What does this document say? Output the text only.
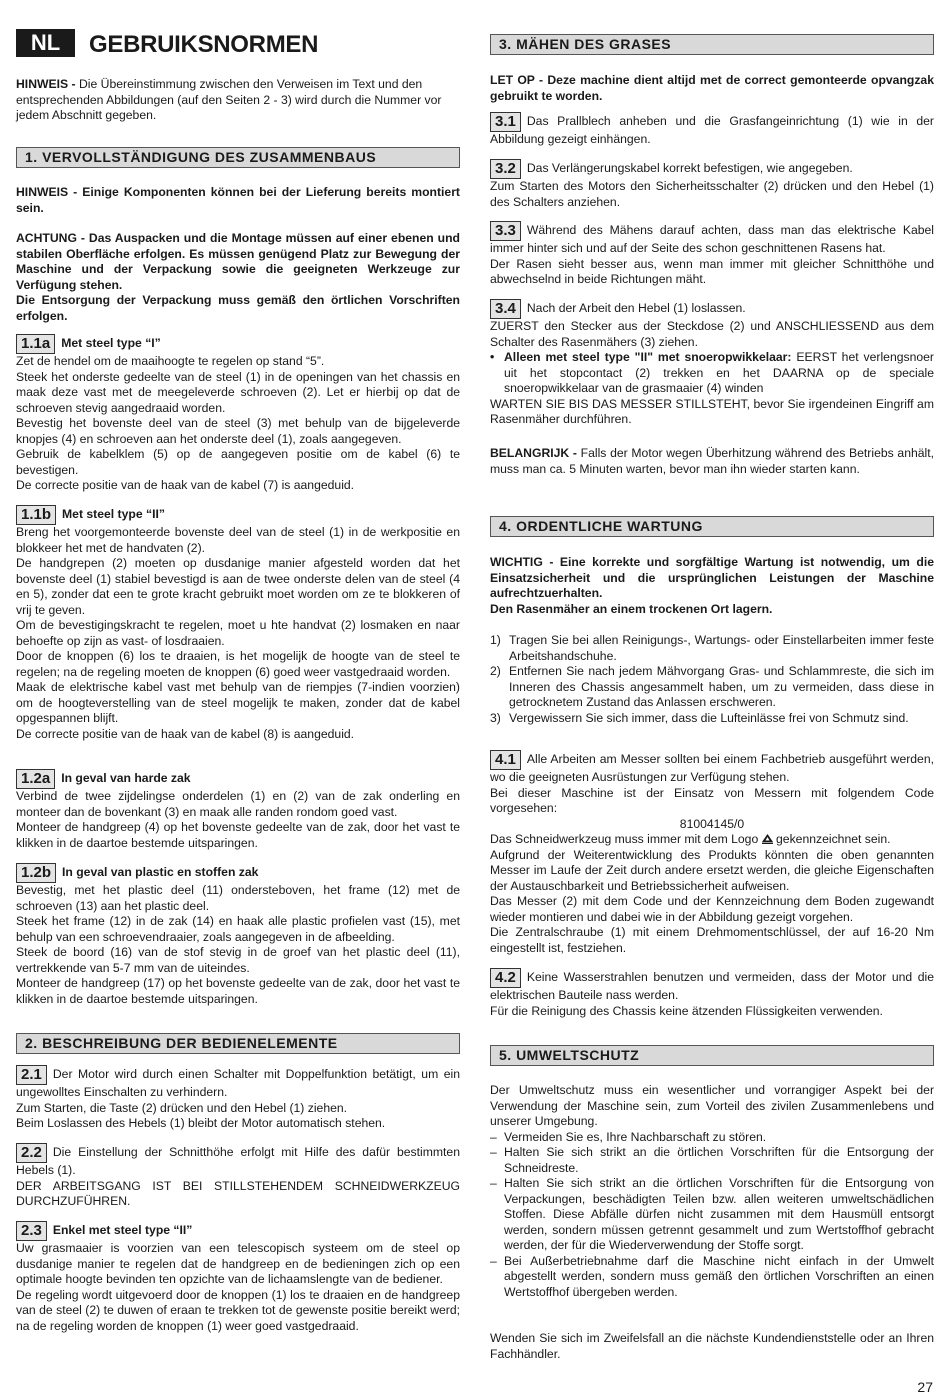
NL	GEBRUIKSNORMEN

HINWEIS - Die Übereinstimmung zwischen den Verweisen im Text und den entsprechenden Abbildungen (auf den Seiten 2 - 3) wird durch die Nummer vor jedem Abschnitt gegeben.

1. VERVOLLSTÄNDIGUNG DES ZUSAMMENBAUS

HINWEIS - Einige Komponenten können bei der Lieferung bereits montiert sein.

ACHTUNG - Das Auspacken und die Montage müssen auf einer ebenen und stabilen Oberfläche erfolgen. Es müssen genügend Platz zur Bewegung der Maschine und der Verpackung sowie die geeigneten Werkzeuge zur Verfügung stehen.

Die Entsorgung der Verpackung muss gemäß den örtlichen Vorschriften erfolgen.

1.1a Met steel type “I”

Zet de hendel om de maaihoogte te regelen op stand “5”.

Steek het onderste gedeelte van de steel (1) in de openingen van het chassis en maak deze vast met de meegeleverde schroeven (2). Let er hierbij op dat de schroeven stevig aangedraaid worden.

Bevestig het bovenste deel van de steel (3) met behulp van de bijgeleverde knopjes (4) en schroeven aan het onderste deel (1), zoals aangegeven.

Gebruik de kabelklem (5) op de aangegeven positie om de kabel (6) te bevestigen.

De correcte positie van de haak van de kabel (7) is aangeduid.

1.1b Met steel type “II”

Breng het voorgemonteerde bovenste deel van de steel (1) in de werkpositie en blokkeer het met de handvaten (2).

De handgrepen (2) moeten op dusdanige manier afgesteld worden dat het bovenste deel (1) stabiel bevestigd is aan de twee onderste delen van de steel (4 en 5), zonder dat een te grote kracht gebruikt moet worden om ze te blokkeren of vrij te geven.

Om de bevestigingskracht te regelen, moet u hte handvat (2) losmaken en naar behoefte op zijn as vast- of losdraaien.

Door de knoppen (6) los te draaien, is het mogelijk de hoogte van de steel te regelen; na de regeling moeten de knoppen (6) goed weer vastgedraaid worden.

Maak de elektrische kabel vast met behulp van de riempjes (7-indien voorzien) om de hoogteverstelling van de steel mogelijk te maken, zonder dat de kabel opgespannen blijft.

De correcte positie van de haak van de kabel (8) is aangeduid.

1.2a In geval van harde zak

Verbind de twee zijdelingse onderdelen (1) en (2) van de zak onderling en monteer dan de bovenkant (3) en maak alle randen rondom goed vast.

Monteer de handgreep (4) op het bovenste gedeelte van de zak, door het vast te klikken in de daartoe bestemde uitsparingen.

1.2b In geval van plastic en stoffen zak

Bevestig, met het plastic deel (11) ondersteboven, het frame (12) met de schroeven (13) aan het plastic deel.

Steek het frame (12) in de zak (14) en haak alle plastic profielen vast (15), met behulp van een schroevendraaier, zoals aangegeven in de afbeelding.

Steek de boord (16) van de stof stevig in de groef van het plastic deel (11), vertrekkende van 5-7 mm van de uiteindes.

Monteer de handgreep (17) op het bovenste gedeelte van de zak, door het vast te klikken in de daartoe bestemde uitsparingen.

2. BESCHREIBUNG DER BEDIENELEMENTE

2.1 Der Motor wird durch einen Schalter mit Doppelfunktion betätigt, um ein ungewolltes Einschalten zu verhindern.

Zum Starten, die Taste (2) drücken und den Hebel (1) ziehen.

Beim Loslassen des Hebels (1) bleibt der Motor automatisch stehen.

2.2 Die Einstellung der Schnitthöhe erfolgt mit Hilfe des dafür bestimmten Hebels (1).

DER ARBEITSGANG IST BEI STILLSTEHENDEM SCHNEIDWERKZEUG DURCHZUFÜHREN.

2.3 Enkel met steel type “II”

Uw grasmaaier is voorzien van een telescopisch systeem om de steel op dusdanige manier te regelen dat de handgreep en de bedieningen zich op een optimale hoogte bevinden ten opzichte van de lichaamslengte van de bediener.

De regeling wordt uitgevoerd door de knoppen (1) los te draaien en de handgreep van de steel (2) te duwen of eraan te trekken tot de gewenste positie bereikt werd; na de regeling worden de knoppen (1) weer goed vastgedraaid.

3. MÄHEN DES GRASES

LET OP - Deze machine dient altijd met de correct gemonteerde opvangzak gebruikt te worden.

3.1 Das Prallblech anheben und die Grasfangeinrichtung (1) wie in der Abbildung gezeigt einhängen.

3.2 Das Verlängerungskabel korrekt befestigen, wie angegeben.

Zum Starten des Motors den Sicherheitsschalter (2) drücken und den Hebel (1) des Schalters anziehen.

3.3 Während des Mähens darauf achten, dass man das elektrische Kabel immer hinter sich und auf der Seite des schon geschnittenen Rasens hat.

Der Rasen sieht besser aus, wenn man immer mit gleicher Schnitthöhe und abwechselnd in beide Richtungen mäht.

3.4 Nach der Arbeit den Hebel (1) loslassen.

ZUERST den Stecker aus der Steckdose (2) und ANSCHLIESSEND aus dem Schalter des Rasenmähers (3) ziehen.

• Alleen met steel type "II" met snoeropwikkelaar: EERST het verlengsnoer uit het stopcontact (2) trekken en het DAARNA op de speciale snoeropwikkelaar van de grasmaaier (4) winden

WARTEN SIE BIS DAS MESSER STILLSTEHT, bevor Sie irgendeinen Eingriff am Rasenmäher durchführen.

BELANGRIJK - Falls der Motor wegen Überhitzung während des Betriebs anhält, muss man ca. 5 Minuten warten, bevor man ihn wieder starten kann.

4. ORDENTLICHE WARTUNG

WICHTIG - Eine korrekte und sorgfältige Wartung ist notwendig, um die Einsatzsicherheit und die ursprünglichen Leistungen der Maschine aufrechtzuerhalten.

Den Rasenmäher an einem trockenen Ort lagern.

1) Tragen Sie bei allen Reinigungs-, Wartungs- oder Einstellarbeiten immer feste Arbeitshandschuhe.
2) Entfernen Sie nach jedem Mähvorgang Gras- und Schlammreste, die sich im Inneren des Chassis angesammelt haben, um zu vermeiden, dass diese in getrocknetem Zustand das Anlassen erschweren.
3) Vergewissern Sie sich immer, dass die Lufteinlässe frei von Schmutz sind.

4.1 Alle Arbeiten am Messer sollten bei einem Fachbetrieb ausgeführt werden, wo die geeigneten Ausrüstungen zur Verfügung stehen.

Bei dieser Maschine ist der Einsatz von Messern mit folgendem Code vorgesehen:

81004145/0

Das Schneidwerkzeug muss immer mit dem Logo  gekennzeichnet sein.

Aufgrund der Weiterentwicklung des Produkts könnten die oben genannten Messer im Laufe der Zeit durch andere ersetzt werden, die gleiche Eigenschaften der Austauschbarkeit und Betriebssicherheit aufweisen.

Das Messer (2) mit dem Code und der Kennzeichnung dem Boden zugewandt wieder montieren und dabei wie in der Abbildung gezeigt vorgehen.

Die Zentralschraube (1) mit einem Drehmomentschlüssel, der auf 16-20 Nm eingestellt ist, festziehen.

4.2 Keine Wasserstrahlen benutzen und vermeiden, dass der Motor und die elektrischen Bauteile nass werden.

Für die Reinigung des Chassis keine ätzenden Flüssigkeiten verwenden.

5. UMWELTSCHUTZ

Der Umweltschutz muss ein wesentlicher und vorrangiger Aspekt bei der Verwendung der Maschine sein, zum Vorteil des zivilen Zusammenlebens und unserer Umgebung.

– Vermeiden Sie es, Ihre Nachbarschaft zu stören.
– Halten Sie sich strikt an die örtlichen Vorschriften für die Entsorgung der Schneidreste.
– Halten Sie sich strikt an die örtlichen Vorschriften für die Entsorgung von Verpackungen, beschädigten Teilen bzw. allen weiteren umweltschädlichen Stoffen. Diese Abfälle dürfen nicht zusammen mit dem Hausmüll entsorgt werden, sondern müssen getrennt gesammelt und zum Wertstoffhof gebracht werden, der für die Wiederverwendung der Stoffe sorgt.
– Bei Außerbetriebnahme darf die Maschine nicht einfach in der Umwelt abgestellt werden, sondern muss gemäß den örtlichen Vorschriften an einen Wertstoffhof übergeben werden.

Wenden Sie sich im Zweifelsfall an die nächste Kundendienststelle oder an Ihren Fachhändler.

27
